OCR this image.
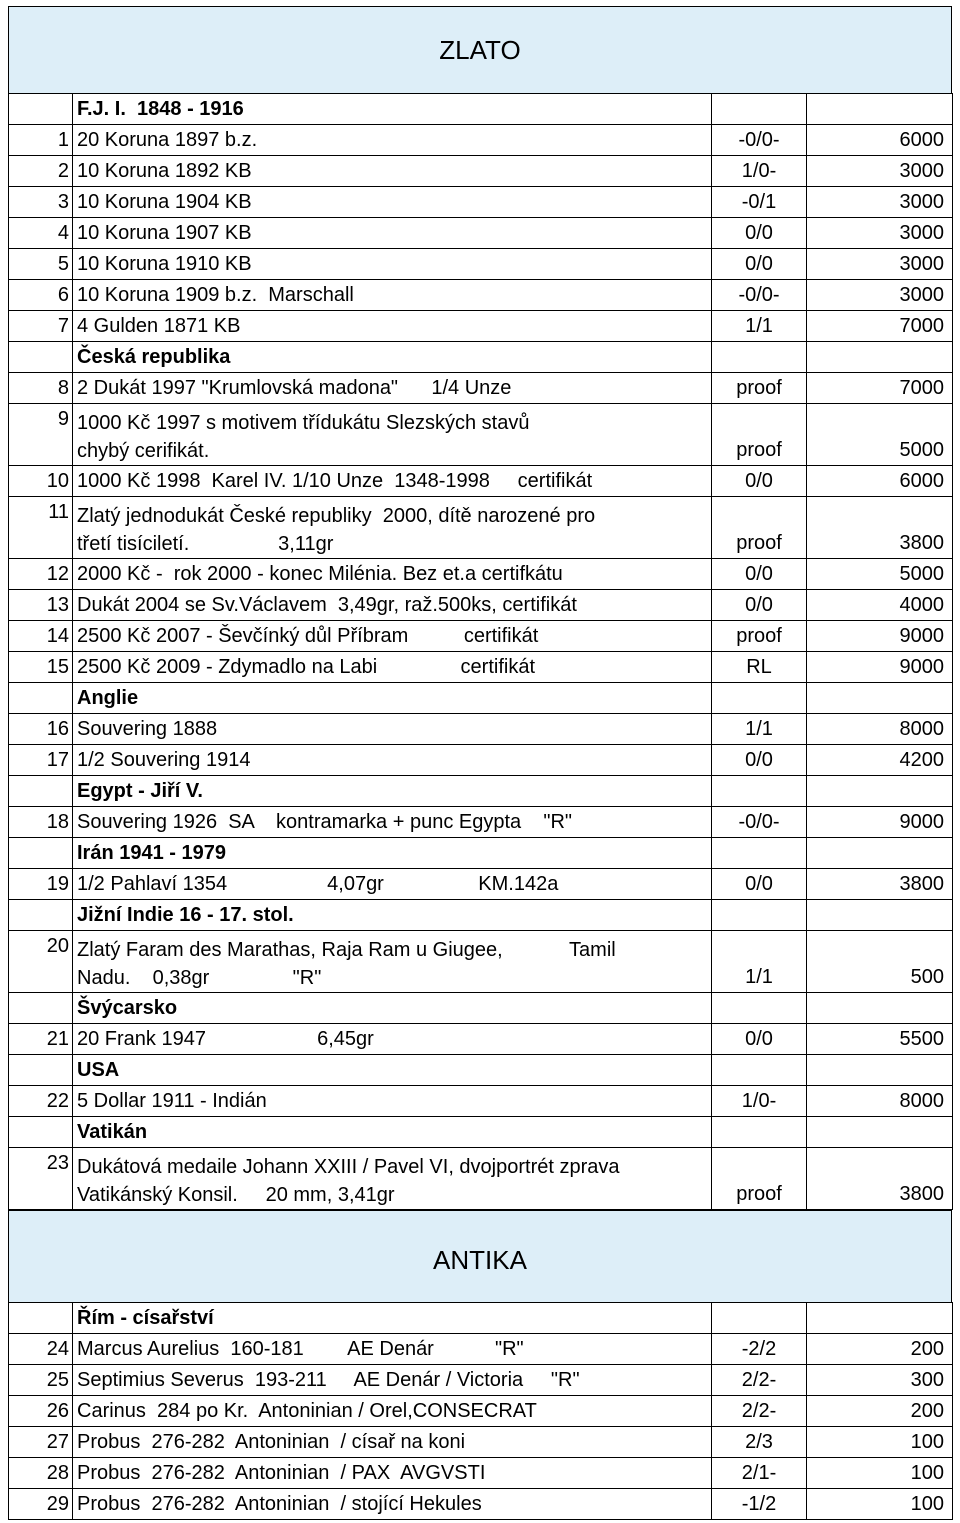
ZLATO
	F.J. I.  1848 - 1916		
1	20 Koruna 1897 b.z.	-0/0-	6000
2	10 Koruna 1892 KB	1/0-	3000
3	10 Koruna 1904 KB	-0/1	3000
4	10 Koruna 1907 KB	0/0	3000
5	10 Koruna 1910 KB	0/0	3000
6	10 Koruna 1909 b.z.  Marschall	-0/0-	3000
7	4 Gulden 1871 KB	1/1	7000
	Česká republika		
8	2 Dukát 1997 "Krumlovská madona"      1/4 Unze	proof	7000
9	1000 Kč 1997 s motivem třídukátu Slezských stavů
chybý cerifikát.	proof	5000
10	1000 Kč 1998  Karel IV. 1/10 Unze  1348-1998     certifikát	0/0	6000
11	Zlatý jednodukát České republiky  2000, dítě narozené pro
třetí tisíciletí.                3,11gr	proof	3800
12	2000 Kč -  rok 2000 - konec Milénia. Bez et.a certifkátu	0/0	5000
13	Dukát 2004 se Sv.Václavem  3,49gr, raž.500ks, certifikát	0/0	4000
14	2500 Kč 2007 - Ševčínký důl Příbram          certifikát	proof	9000
15	2500 Kč 2009 - Zdymadlo na Labi               certifikát	RL	9000
	Anglie		
16	Souvering 1888	1/1	8000
17	1/2 Souvering 1914	0/0	4200
	Egypt - Jiří V.		
18	Souvering 1926  SA    kontramarka + punc Egypta    "R"	-0/0-	9000
	Irán 1941 - 1979		
19	1/2 Pahlaví 1354                  4,07gr                 KM.142a	0/0	3800
	Jižní Indie 16 - 17. stol.		
20	Zlatý Faram des Marathas, Raja Ram u Giugee,            Tamil
Nadu.    0,38gr               "R"	1/1	500
	Švýcarsko		
21	20 Frank 1947                    6,45gr	0/0	5500
	USA		
22	5 Dollar 1911 - Indián	1/0-	8000
	Vatikán		
23	Dukátová medaile Johann XXIII / Pavel VI, dvojportrét zprava
Vatikánský Konsil.     20 mm, 3,41gr	proof	3800
ANTIKA
	Řím - císařství		
24	Marcus Aurelius  160-181        AE Denár           "R"	-2/2	200
25	Septimius Severus  193-211     AE Denár / Victoria     "R"	2/2-	300
26	Carinus  284 po Kr.  Antoninian / Orel,CONSECRAT	2/2-	200
27	Probus  276-282  Antoninian  / císař na koni	2/3	100
28	Probus  276-282  Antoninian  / PAX  AVGVSTI	2/1-	100
29	Probus  276-282  Antoninian  / stojící Hekules	-1/2	100
